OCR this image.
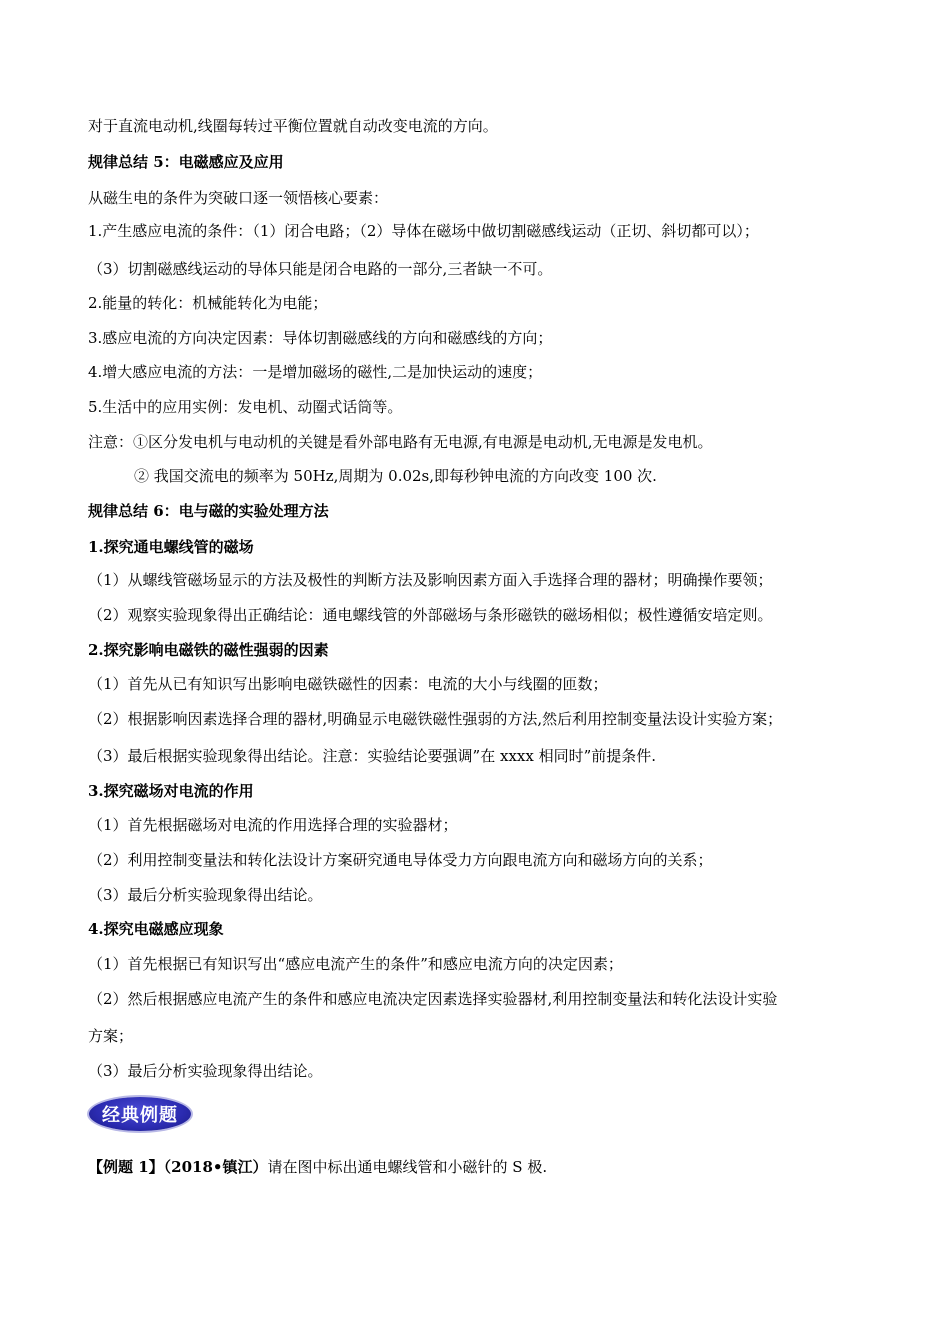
对于直流电动机,线圈每转过平衡位置就自动改变电流的方向。
规律总结 5：电磁感应及应用
从磁生电的条件为突破口逐一领悟核心要素：
1.产生感应电流的条件：（1）闭合电路；（2）导体在磁场中做切割磁感线运动（正切、斜切都可以）；
（3）切割磁感线运动的导体只能是闭合电路的一部分,三者缺一不可。
2.能量的转化：机械能转化为电能；
3.感应电流的方向决定因素：导体切割磁感线的方向和磁感线的方向；
4.增大感应电流的方法：一是增加磁场的磁性,二是加快运动的速度；
5.生活中的应用实例：发电机、动圈式话筒等。
注意：①区分发电机与电动机的关键是看外部电路有无电源,有电源是电动机,无电源是发电机。
② 我国交流电的频率为 50Hz,周期为 0.02s,即每秒钟电流的方向改变 100 次.
规律总结 6：电与磁的实验处理方法
1.探究通电螺线管的磁场
（1）从螺线管磁场显示的方法及极性的判断方法及影响因素方面入手选择合理的器材；明确操作要领；
（2）观察实验现象得出正确结论：通电螺线管的外部磁场与条形磁铁的磁场相似；极性遵循安培定则。
2.探究影响电磁铁的磁性强弱的因素
（1）首先从已有知识写出影响电磁铁磁性的因素：电流的大小与线圈的匝数；
（2）根据影响因素选择合理的器材,明确显示电磁铁磁性强弱的方法,然后利用控制变量法设计实验方案；
（3）最后根据实验现象得出结论。注意：实验结论要强调”在 xxxx 相同时”前提条件.
3.探究磁场对电流的作用
（1）首先根据磁场对电流的作用选择合理的实验器材；
（2）利用控制变量法和转化法设计方案研究通电导体受力方向跟电流方向和磁场方向的关系；
（3）最后分析实验现象得出结论。
4.探究电磁感应现象
（1）首先根据已有知识写出“感应电流产生的条件”和感应电流方向的决定因素；
（2）然后根据感应电流产生的条件和感应电流决定因素选择实验器材,利用控制变量法和转化法设计实验
方案；
（3）最后分析实验现象得出结论。
经典例题
【例题 1】（2018•镇江）请在图中标出通电螺线管和小磁针的 S 极.
